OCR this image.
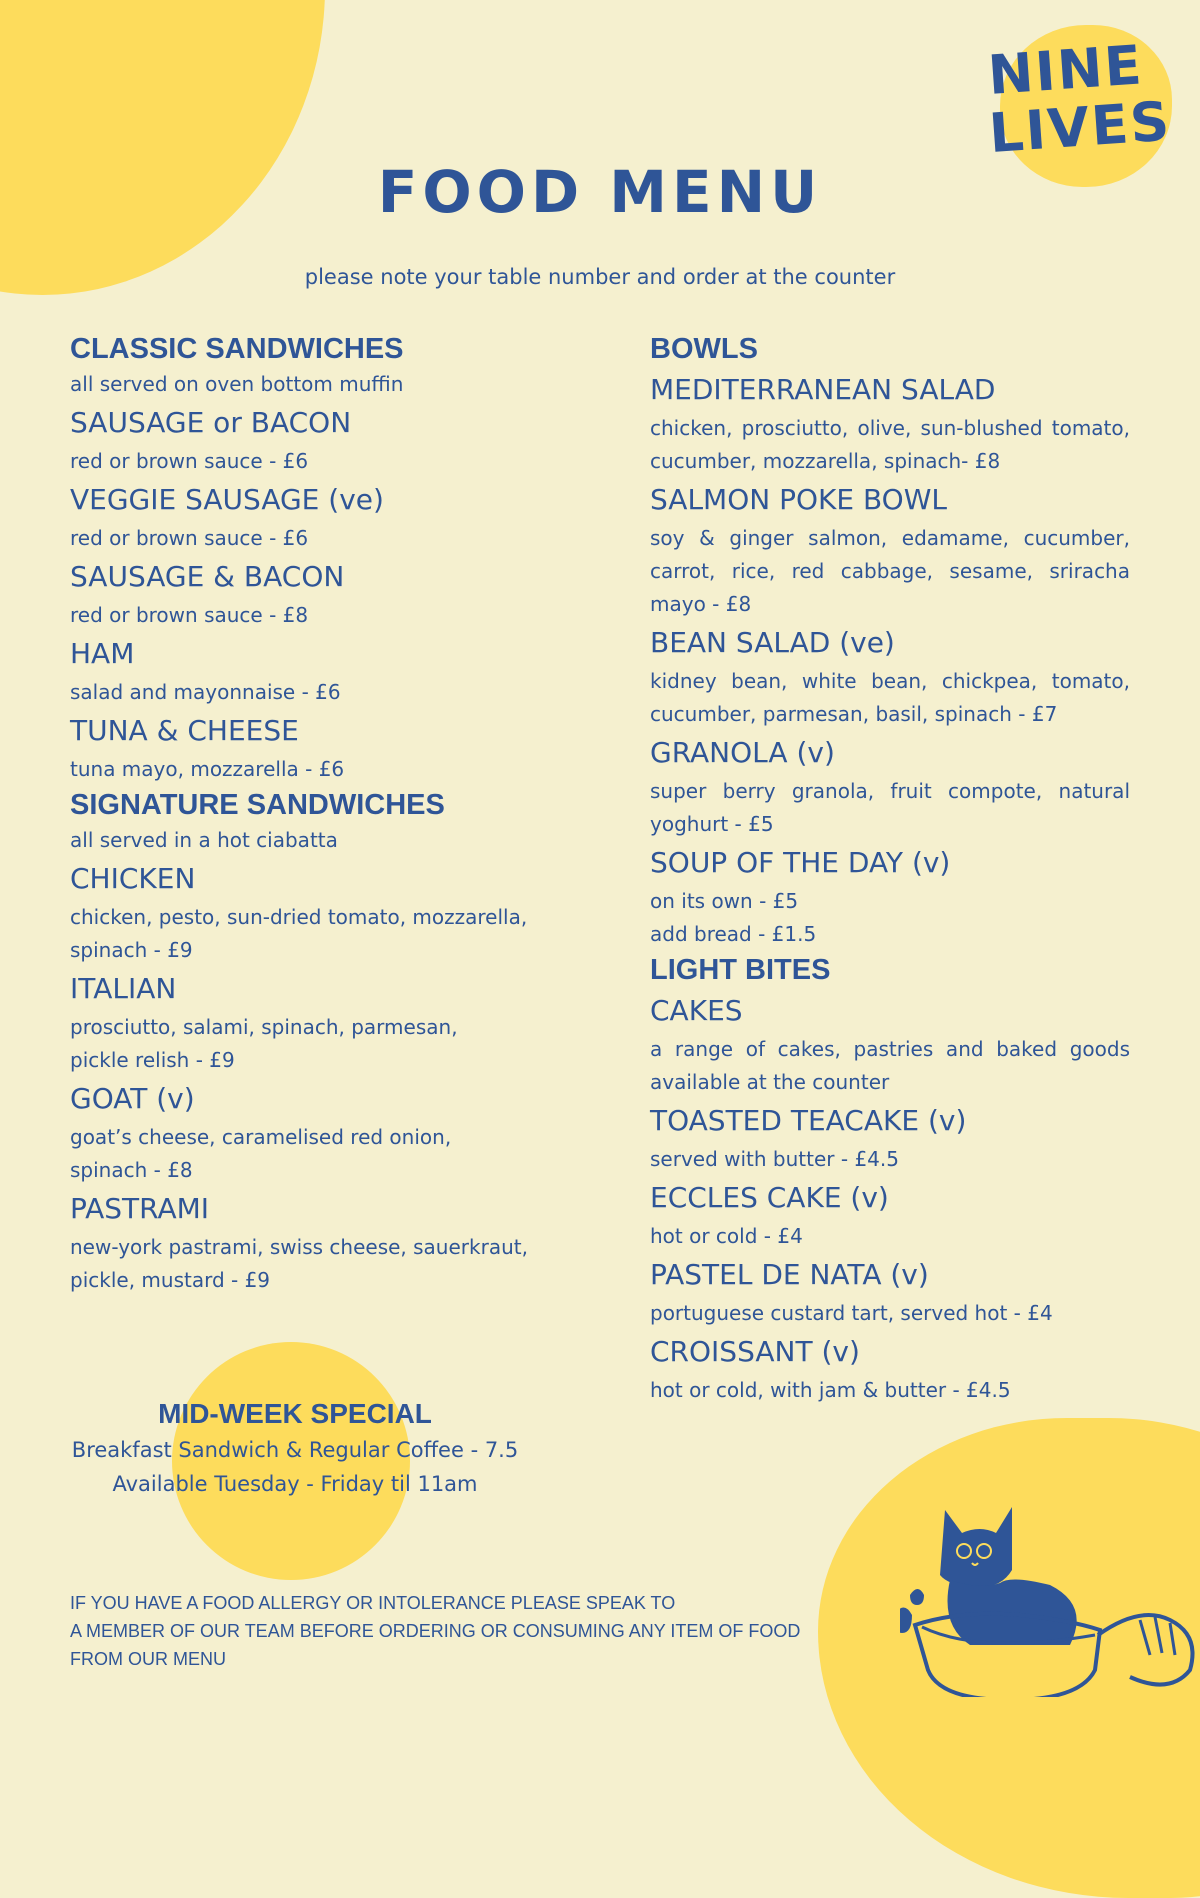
NINE
LIVES
FOOD MENU
please note your table number and order at the counter
CLASSIC SANDWICHES
all served on oven bottom muffin
SAUSAGE or BACON
red or brown sauce - £6
VEGGIE SAUSAGE (ve)
red or brown sauce - £6
SAUSAGE & BACON
red or brown sauce - £8
HAM
salad and mayonnaise - £6
TUNA & CHEESE
tuna mayo, mozzarella - £6
SIGNATURE SANDWICHES
all served in a hot ciabatta
CHICKEN
chicken, pesto, sun-dried tomato, mozzarella, spinach - £9
ITALIAN
prosciutto, salami, spinach, parmesan, pickle relish - £9
GOAT (v)
goat’s cheese, caramelised red onion, spinach - £8
PASTRAMI
new-york pastrami, swiss cheese, sauerkraut, pickle, mustard - £9
BOWLS
MEDITERRANEAN SALAD
chicken, prosciutto, olive, sun-blushed tomato, cucumber, mozzarella, spinach- £8
SALMON POKE BOWL
soy & ginger salmon, edamame, cucumber, carrot, rice, red cabbage, sesame, sriracha mayo - £8
BEAN SALAD (ve)
kidney bean, white bean, chickpea, tomato, cucumber, parmesan, basil, spinach - £7
GRANOLA (v)
super berry granola, fruit compote, natural yoghurt - £5
SOUP OF THE DAY (v)
on its own - £5
add bread - £1.5
LIGHT BITES
CAKES
a range of cakes, pastries and baked goods available at the counter
TOASTED TEACAKE (v)
served with butter - £4.5
ECCLES CAKE (v)
hot or cold - £4
PASTEL DE NATA (v)
portuguese custard tart, served hot - £4
CROISSANT (v)
hot or cold, with jam & butter - £4.5
MID-WEEK SPECIAL
Breakfast Sandwich & Regular Coffee - 7.5
Available Tuesday - Friday til 11am
IF YOU HAVE A FOOD ALLERGY OR INTOLERANCE PLEASE SPEAK TO
A MEMBER OF OUR TEAM BEFORE ORDERING OR CONSUMING ANY ITEM OF FOOD
FROM OUR MENU
